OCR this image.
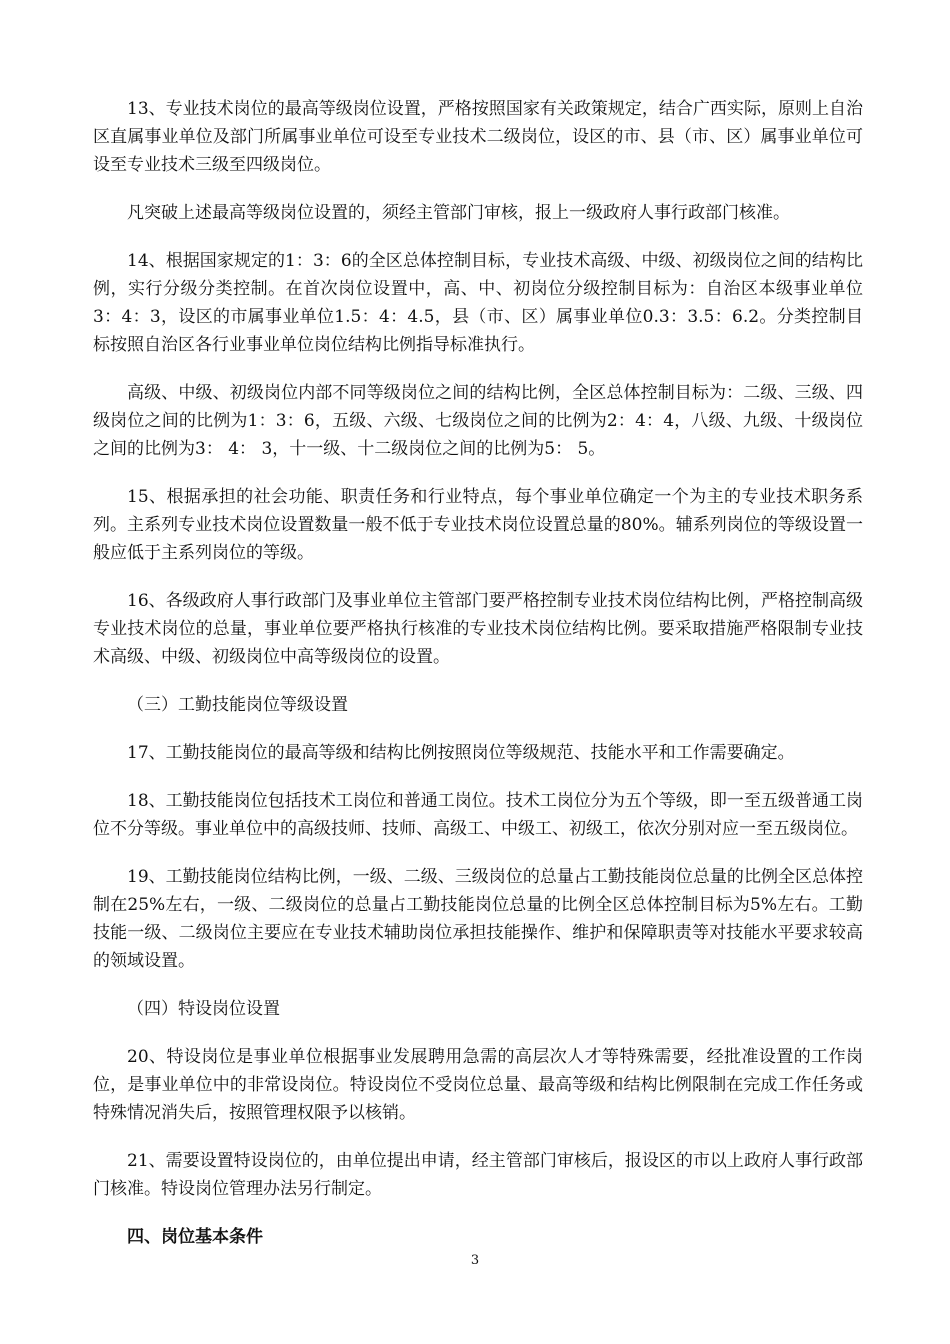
13、专业技术岗位的最高等级岗位设置，严格按照国家有关政策规定，结合广西实际，原则上自治区直属事业单位及部门所属事业单位可设至专业技术二级岗位，设区的市、县（市、区）属事业单位可设至专业技术三级至四级岗位。

凡突破上述最高等级岗位设置的，须经主管部门审核，报上一级政府人事行政部门核准。

14、根据国家规定的1：3：6的全区总体控制目标，专业技术高级、中级、初级岗位之间的结构比例，实行分级分类控制。在首次岗位设置中，高、中、初岗位分级控制目标为：自治区本级事业单位3：4：3，设区的市属事业单位1.5：4：4.5，县（市、区）属事业单位0.3：3.5：6.2。分类控制目标按照自治区各行业事业单位岗位结构比例指导标准执行。

高级、中级、初级岗位内部不同等级岗位之间的结构比例，全区总体控制目标为：二级、三级、四级岗位之间的比例为1：3：6，五级、六级、七级岗位之间的比例为2：4：4，八级、九级、十级岗位之间的比例为3： 4： 3，十一级、十二级岗位之间的比例为5： 5。

15、根据承担的社会功能、职责任务和行业特点，每个事业单位确定一个为主的专业技术职务系列。主系列专业技术岗位设置数量一般不低于专业技术岗位设置总量的80%。辅系列岗位的等级设置一般应低于主系列岗位的等级。

16、各级政府人事行政部门及事业单位主管部门要严格控制专业技术岗位结构比例，严格控制高级专业技术岗位的总量，事业单位要严格执行核准的专业技术岗位结构比例。要采取措施严格限制专业技术高级、中级、初级岗位中高等级岗位的设置。

（三）工勤技能岗位等级设置

17、工勤技能岗位的最高等级和结构比例按照岗位等级规范、技能水平和工作需要确定。

18、工勤技能岗位包括技术工岗位和普通工岗位。技术工岗位分为五个等级，即一至五级普通工岗位不分等级。事业单位中的高级技师、技师、高级工、中级工、初级工，依次分别对应一至五级岗位。

19、工勤技能岗位结构比例，一级、二级、三级岗位的总量占工勤技能岗位总量的比例全区总体控制在25%左右，一级、二级岗位的总量占工勤技能岗位总量的比例全区总体控制目标为5%左右。工勤技能一级、二级岗位主要应在专业技术辅助岗位承担技能操作、维护和保障职责等对技能水平要求较高的领域设置。

（四）特设岗位设置

20、特设岗位是事业单位根据事业发展聘用急需的高层次人才等特殊需要，经批准设置的工作岗位，是事业单位中的非常设岗位。特设岗位不受岗位总量、最高等级和结构比例限制在完成工作任务或特殊情况消失后，按照管理权限予以核销。

21、需要设置特设岗位的，由单位提出申请，经主管部门审核后，报设区的市以上政府人事行政部门核准。特设岗位管理办法另行制定。

四、岗位基本条件

3
